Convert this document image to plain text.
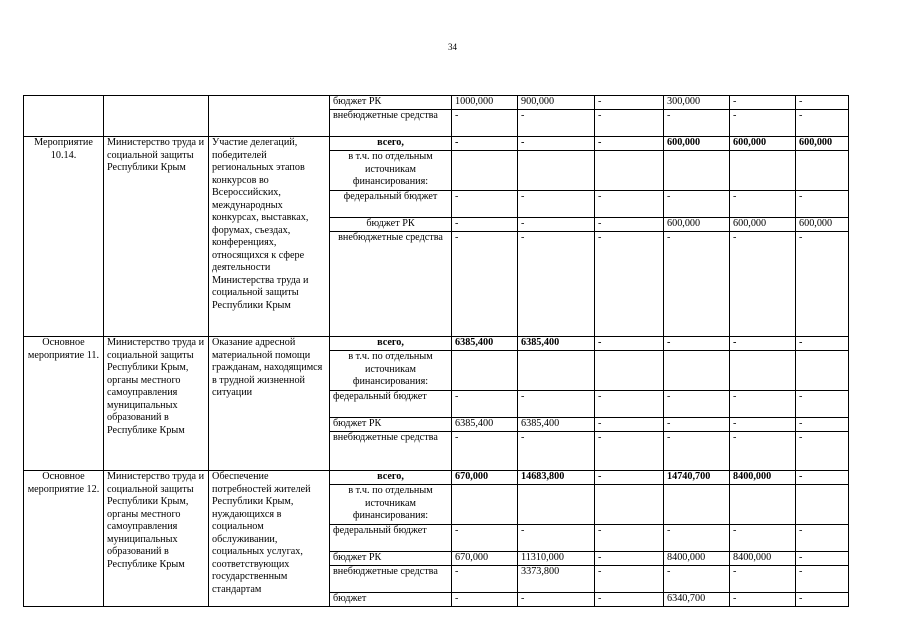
34
			бюджет РК	1000,000	900,000	-	300,000	-	-
			внебюджетные средства	-	-	-	-	-	-
Мероприятие 10.14.	Министерство труда и социальной защиты Республики Крым	Участие делегаций, победителей региональных этапов конкурсов во Всероссийских, международных конкурсах, выставках, форумах, съездах, конференциях, относящихся к сфере деятельности Министерства труда и социальной защиты Республики Крым	всего,	-	-	-	600,000	600,000	600,000
			в т.ч. по отдельным источникам финансирования:						
			федеральный бюджет	-	-	-	-	-	-
			бюджет РК	-	-	-	600,000	600,000	600,000
			внебюджетные средства	-	-	-	-	-	-
Основное мероприятие 11.	Министерство труда и социальной защиты Республики Крым, органы местного самоуправления муниципальных образований в Республике Крым	Оказание адресной материальной помощи гражданам, находящимся в трудной жизненной ситуации	всего,	6385,400	6385,400	-	-	-	-
			в т.ч. по отдельным источникам финансирования:						
			федеральный бюджет	-	-	-	-	-	-
			бюджет РК	6385,400	6385,400	-	-	-	-
			внебюджетные средства	-	-	-	-	-	-
Основное мероприятие 12.	Министерство труда и социальной защиты Республики Крым, органы местного самоуправления муниципальных образований в Республике Крым	Обеспечение потребностей жителей Республики Крым, нуждающихся в социальном обслуживании, социальных услугах, соответствующих государственным стандартам	всего,	670,000	14683,800	-	14740,700	8400,000	-
			в т.ч. по отдельным источникам финансирования:						
			федеральный бюджет	-	-	-	-	-	-
			бюджет РК	670,000	11310,000	-	8400,000	8400,000	-
			внебюджетные средства	-	3373,800	-	-	-	-
			бюджет	-	-	-	6340,700	-	-
